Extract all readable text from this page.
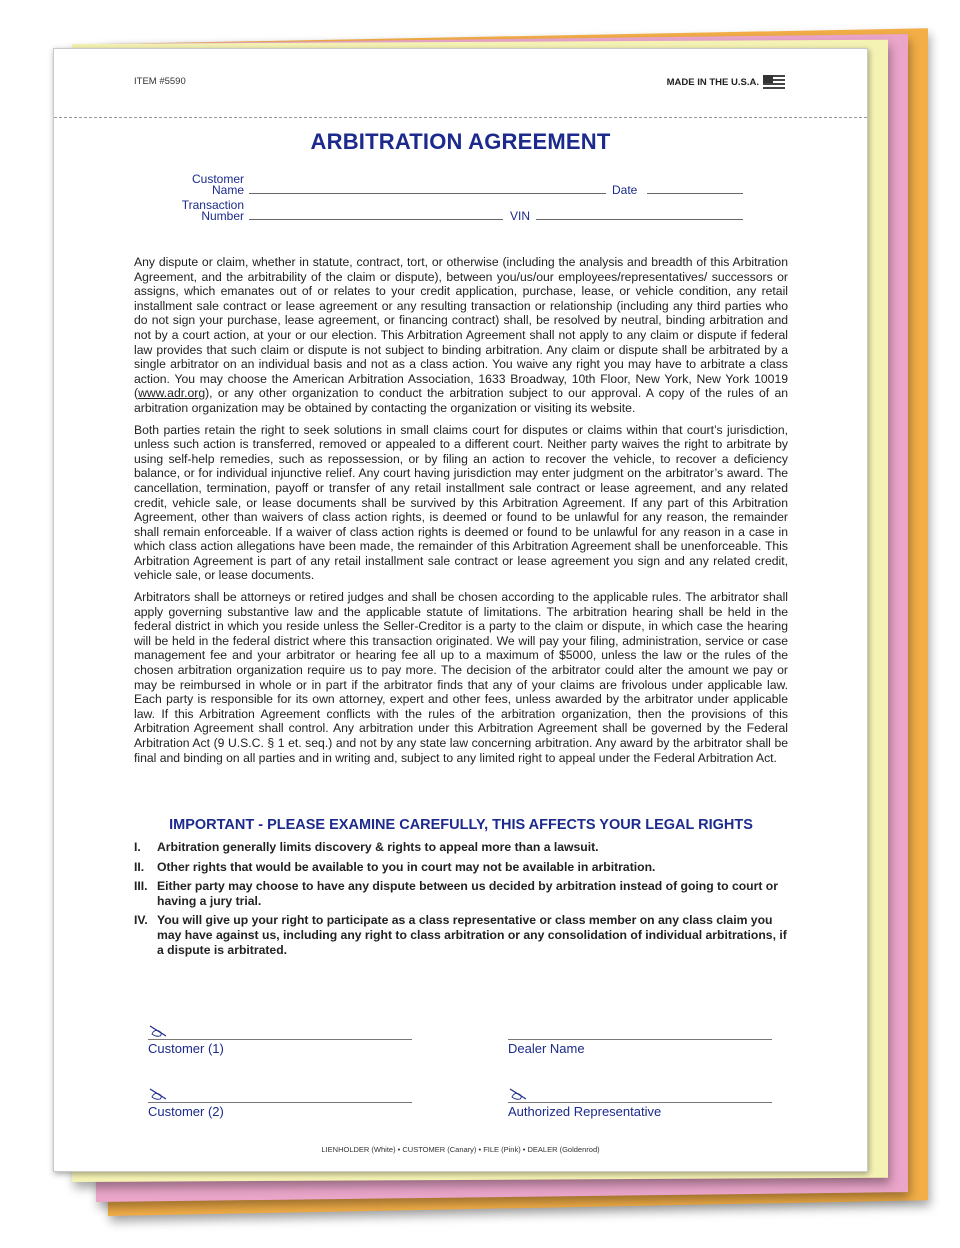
ITEM #5590	MADE IN THE U.S.A.
ARBITRATION AGREEMENT
Customer
Name	Date
Transaction
Number	VIN

Any dispute or claim, whether in statute, contract, tort, or otherwise (including the analysis and breadth of this Arbitration Agreement, and the arbitrability of the claim or dispute), between you/us/our employees/representatives/ successors or assigns, which emanates out of or relates to your credit application, purchase, lease, or vehicle condition, any retail installment sale contract or lease agreement or any resulting transaction or relationship (including any third parties who do not sign your purchase, lease agreement, or financing contract) shall, be resolved by neutral, binding arbitration and not by a court action, at your or our election. This Arbitration Agreement shall not apply to any claim or dispute if federal law provides that such claim or dispute is not subject to binding arbitration. Any claim or dispute shall be arbitrated by a single arbitrator on an individual basis and not as a class action. You waive any right you may have to arbitrate a class action. You may choose the American Arbitration Association, 1633 Broadway, 10th Floor, New York, New York 10019 (www.adr.org), or any other organization to conduct the arbitration subject to our approval. A copy of the rules of an arbitration organization may be obtained by contacting the organization or visiting its website.

Both parties retain the right to seek solutions in small claims court for disputes or claims within that court’s jurisdiction, unless such action is transferred, removed or appealed to a different court. Neither party waives the right to arbitrate by using self-help remedies, such as repossession, or by filing an action to recover the vehicle, to recover a deficiency balance, or for individual injunctive relief. Any court having jurisdiction may enter judgment on the arbitrator’s award. The cancellation, termination, payoff or transfer of any retail installment sale contract or lease agreement, and any related credit, vehicle sale, or lease documents shall be survived by this Arbitration Agreement. If any part of this Arbitration Agreement, other than waivers of class action rights, is deemed or found to be unlawful for any reason, the remainder shall remain enforceable. If a waiver of class action rights is deemed or found to be unlawful for any reason in a case in which class action allegations have been made, the remainder of this Arbitration Agreement shall be unenforceable. This Arbitration Agreement is part of any retail installment sale contract or lease agreement you sign and any related credit, vehicle sale, or lease documents.

Arbitrators shall be attorneys or retired judges and shall be chosen according to the applicable rules. The arbitrator shall apply governing substantive law and the applicable statute of limitations. The arbitration hearing shall be held in the federal district in which you reside unless the Seller-Creditor is a party to the claim or dispute, in which case the hearing will be held in the federal district where this transaction originated. We will pay your filing, administration, service or case management fee and your arbitrator or hearing fee all up to a maximum of $5000, unless the law or the rules of the chosen arbitration organization require us to pay more. The decision of the arbitrator could alter the amount we pay or may be reimbursed in whole or in part if the arbitrator finds that any of your claims are frivolous under applicable law. Each party is responsible for its own attorney, expert and other fees, unless awarded by the arbitrator under applicable law. If this Arbitration Agreement conflicts with the rules of the arbitration organization, then the provisions of this Arbitration Agreement shall control. Any arbitration under this Arbitration Agreement shall be governed by the Federal Arbitration Act (9 U.S.C. § 1 et. seq.) and not by any state law concerning arbitration. Any award by the arbitrator shall be final and binding on all parties and in writing and, subject to any limited right to appeal under the Federal Arbitration Act.

IMPORTANT - PLEASE EXAMINE CAREFULLY, THIS AFFECTS YOUR LEGAL RIGHTS
I.	Arbitration generally limits discovery & rights to appeal more than a lawsuit.
II.	Other rights that would be available to you in court may not be available in arbitration.
III. Either party may choose to have any dispute between us decided by arbitration instead of going to court or having a jury trial.
IV. You will give up your right to participate as a class representative or class member on any class claim you may have against us, including any right to class arbitration or any consolidation of individual arbitrations, if a dispute is arbitrated.
Customer (1)	Dealer Name
Customer (2)	Authorized Representative
LIENHOLDER (White) • CUSTOMER (Canary) • FILE (Pink) • DEALER (Goldenrod)
